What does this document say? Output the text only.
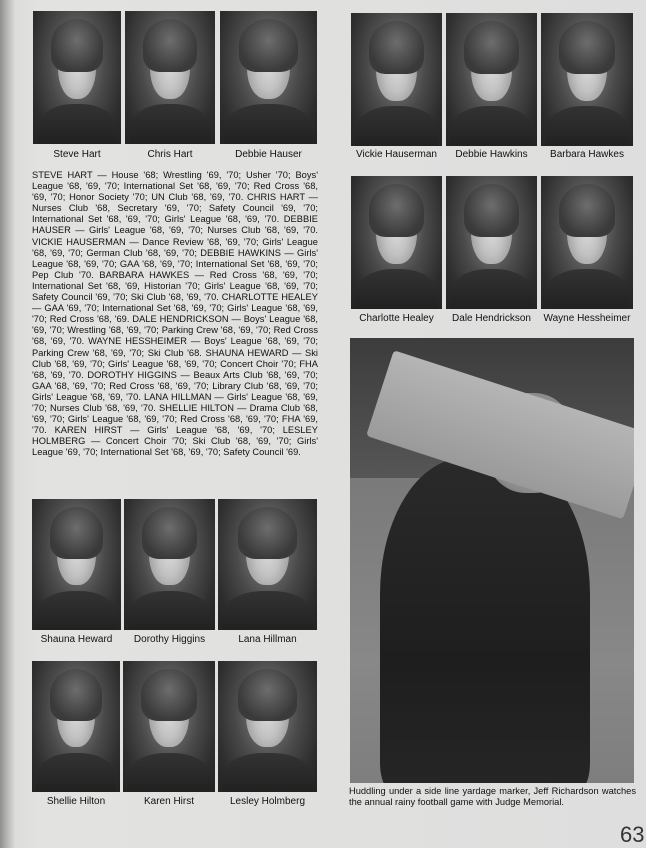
Steve Hart	Chris Hart	Debbie Hauser	Vickie Hauserman	Debbie Hawkins	Barbara Hawkes
Charlotte Healey	Dale Hendrickson	Wayne Hessheimer
STEVE HART — House '68; Wrestling '69, '70; Usher '70; Boys' League '68, '69, '70; International Set '68, '69, '70; Red Cross '68, '69, '70; Honor Society '70; UN Club '68, '69, '70. CHRIS HART — Nurses Club '68, Secretary '69, '70; Safety Council '69, '70; International Set '68, '69, '70; Girls' League '68, '69, '70. DEBBIE HAUSER — Girls' League '68, '69, '70; Nurses Club '68, '69, '70. VICKIE HAUSERMAN — Dance Review '68, '69, '70; Girls' League '68, '69, '70; German Club '68, '69, '70; DEBBIE HAWKINS — Girls' League '68, '69, '70; GAA '68, '69, '70; International Set '68, '69, '70; Pep Club '70. BARBARA HAWKES — Red Cross '68, '69, '70; International Set '68, '69, Historian '70; Girls' League '68, '69, '70; Safety Council '69, '70; Ski Club '68, '69, '70. CHARLOTTE HEALEY — GAA '69, '70; International Set '68, '69, '70; Girls' League '68, '69, '70; Red Cross '68, '69. DALE HENDRICKSON — Boys' League '68, '69, '70; Wrestling '68, '69, '70; Parking Crew '68, '69, '70; Red Cross '68, '69, '70. WAYNE HESSHEIMER — Boys' League '68, '69, '70; Parking Crew '68, '69, '70; Ski Club '68. SHAUNA HEWARD — Ski Club '68, '69, '70; Girls' League '68, '69, '70; Concert Choir '70; FHA '68, '69, '70. DOROTHY HIGGINS — Beaux Arts Club '68, '69, '70; GAA '68, '69, '70; Red Cross '68, '69, '70; Library Club '68, '69, '70; Girls' League '68, '69, '70. LANA HILLMAN — Girls' League '68, '69, '70; Nurses Club '68, '69, '70. SHELLIE HILTON — Drama Club '68, '69, '70; Girls' League '68, '69, '70; Red Cross '68, '69, '70; FHA '69, '70. KAREN HIRST — Girls' League '68, '69, '70; LESLEY HOLMBERG — Concert Choir '70; Ski Club '68, '69, '70; Girls' League '69, '70; International Set '68, '69, '70; Safety Council '69.
Shauna Heward	Dorothy Higgins	Lana Hillman
Shellie Hilton	Karen Hirst	Lesley Holmberg
Huddling under a side line yardage marker, Jeff Richardson watches the annual rainy football game with Judge Memorial.
63
